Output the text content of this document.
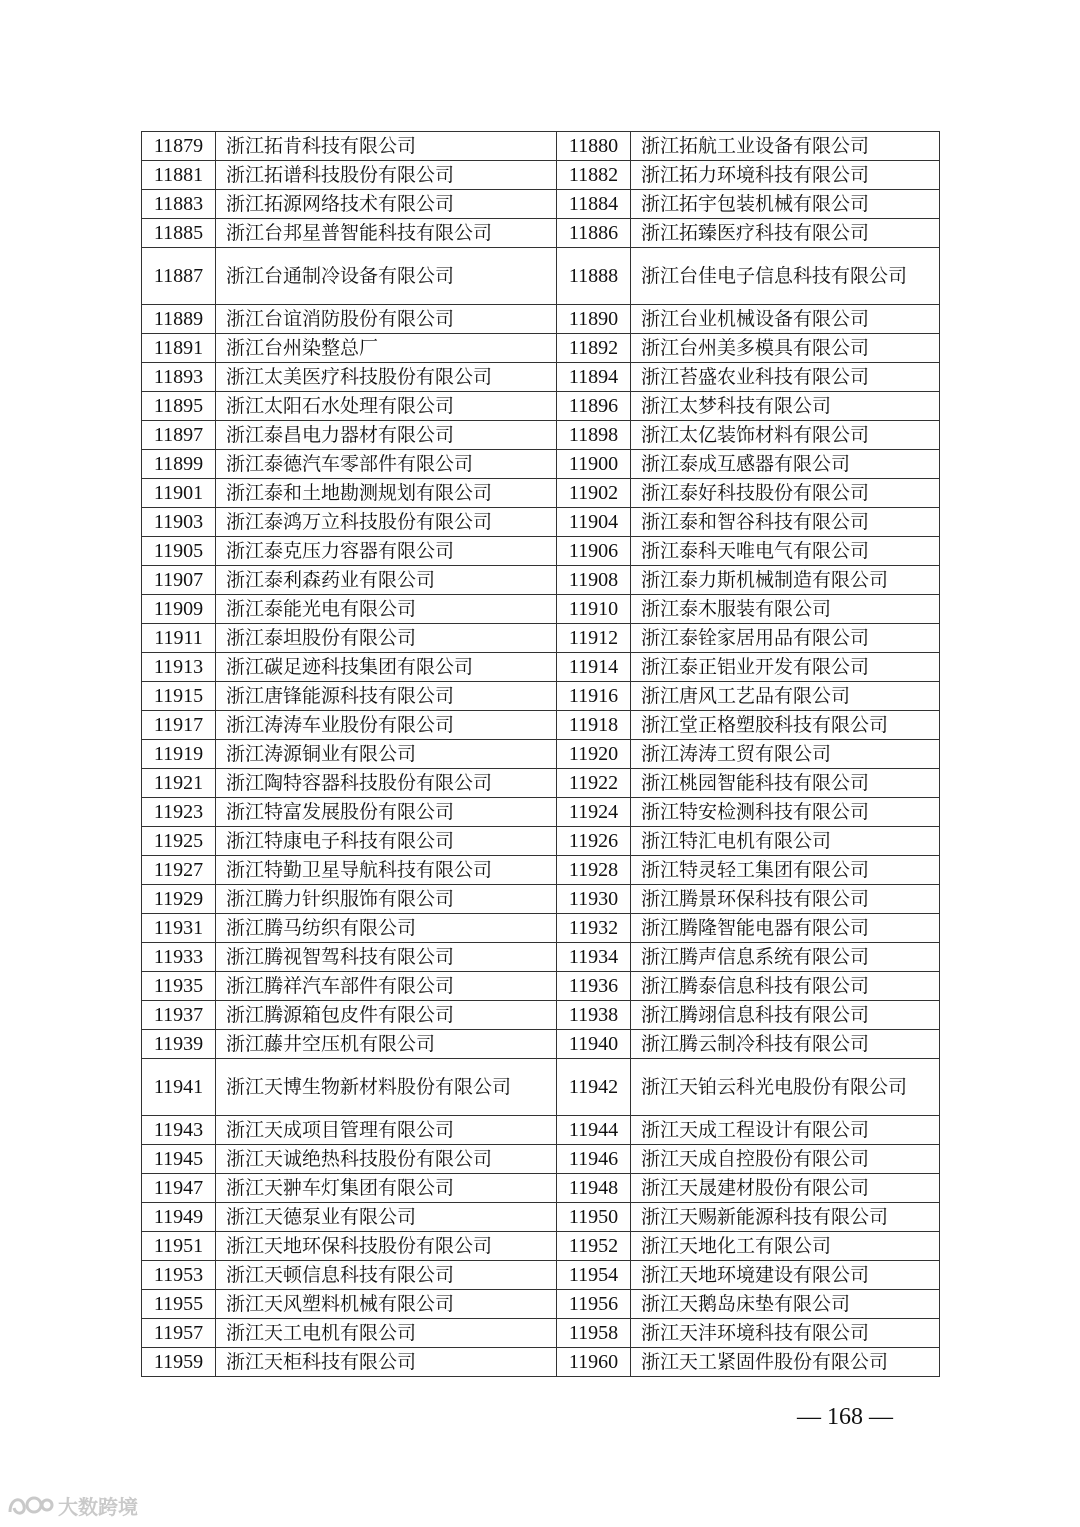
11879	浙江拓肯科技有限公司	11880	浙江拓航工业设备有限公司
11881	浙江拓谱科技股份有限公司	11882	浙江拓力环境科技有限公司
11883	浙江拓源网络技术有限公司	11884	浙江拓宇包装机械有限公司
11885	浙江台邦星普智能科技有限公司	11886	浙江拓臻医疗科技有限公司
11887	浙江台通制冷设备有限公司	11888	浙江台佳电子信息科技有限公司
11889	浙江台谊消防股份有限公司	11890	浙江台业机械设备有限公司
11891	浙江台州染整总厂	11892	浙江台州美多模具有限公司
11893	浙江太美医疗科技股份有限公司	11894	浙江苔盛农业科技有限公司
11895	浙江太阳石水处理有限公司	11896	浙江太梦科技有限公司
11897	浙江泰昌电力器材有限公司	11898	浙江太亿装饰材料有限公司
11899	浙江泰德汽车零部件有限公司	11900	浙江泰成互感器有限公司
11901	浙江泰和土地勘测规划有限公司	11902	浙江泰好科技股份有限公司
11903	浙江泰鸿万立科技股份有限公司	11904	浙江泰和智谷科技有限公司
11905	浙江泰克压力容器有限公司	11906	浙江泰科天唯电气有限公司
11907	浙江泰利森药业有限公司	11908	浙江泰力斯机械制造有限公司
11909	浙江泰能光电有限公司	11910	浙江泰木服装有限公司
11911	浙江泰坦股份有限公司	11912	浙江泰铨家居用品有限公司
11913	浙江碳足迹科技集团有限公司	11914	浙江泰正铝业开发有限公司
11915	浙江唐锋能源科技有限公司	11916	浙江唐风工艺品有限公司
11917	浙江涛涛车业股份有限公司	11918	浙江堂正格塑胶科技有限公司
11919	浙江涛源铜业有限公司	11920	浙江涛涛工贸有限公司
11921	浙江陶特容器科技股份有限公司	11922	浙江桃园智能科技有限公司
11923	浙江特富发展股份有限公司	11924	浙江特安检测科技有限公司
11925	浙江特康电子科技有限公司	11926	浙江特汇电机有限公司
11927	浙江特勤卫星导航科技有限公司	11928	浙江特灵轻工集团有限公司
11929	浙江腾力针织服饰有限公司	11930	浙江腾景环保科技有限公司
11931	浙江腾马纺织有限公司	11932	浙江腾隆智能电器有限公司
11933	浙江腾视智驾科技有限公司	11934	浙江腾声信息系统有限公司
11935	浙江腾祥汽车部件有限公司	11936	浙江腾泰信息科技有限公司
11937	浙江腾源箱包皮件有限公司	11938	浙江腾翊信息科技有限公司
11939	浙江藤井空压机有限公司	11940	浙江腾云制冷科技有限公司
11941	浙江天博生物新材料股份有限公司	11942	浙江天铂云科光电股份有限公司
11943	浙江天成项目管理有限公司	11944	浙江天成工程设计有限公司
11945	浙江天诚绝热科技股份有限公司	11946	浙江天成自控股份有限公司
11947	浙江天翀车灯集团有限公司	11948	浙江天晟建材股份有限公司
11949	浙江天德泵业有限公司	11950	浙江天赐新能源科技有限公司
11951	浙江天地环保科技股份有限公司	11952	浙江天地化工有限公司
11953	浙江天顿信息科技有限公司	11954	浙江天地环境建设有限公司
11955	浙江天风塑料机械有限公司	11956	浙江天鹅岛床垫有限公司
11957	浙江天工电机有限公司	11958	浙江天沣环境科技有限公司
11959	浙江天柜科技有限公司	11960	浙江天工紧固件股份有限公司
— 168 —
大数跨境
